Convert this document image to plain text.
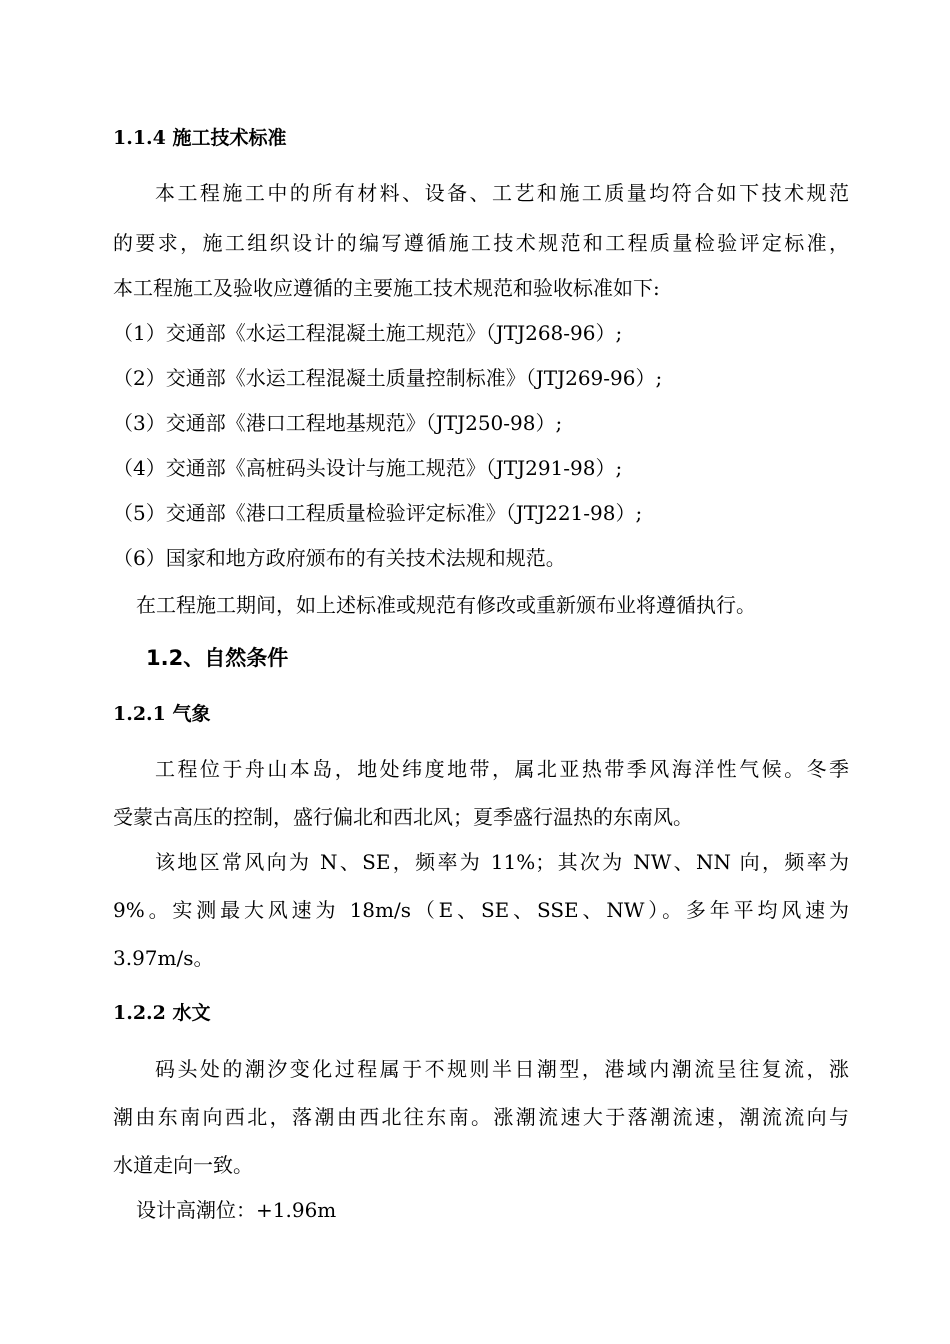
1.1.4 施工技术标准
本工程施工中的所有材料、设备、工艺和施工质量均符合如下技术规范
的要求，施工组织设计的编写遵循施工技术规范和工程质量检验评定标准，
本工程施工及验收应遵循的主要施工技术规范和验收标准如下:
（1）交通部《水运工程混凝土施工规范》（JTJ268-96）;
（2）交通部《水运工程混凝土质量控制标准》（JTJ269-96）;
（3）交通部《港口工程地基规范》（JTJ250-98）;
（4）交通部《高桩码头设计与施工规范》（JTJ291-98）;
（5）交通部《港口工程质量检验评定标准》（JTJ221-98）;
（6）国家和地方政府颁布的有关技术法规和规范。
在工程施工期间，如上述标准或规范有修改或重新颁布业将遵循执行。
1.2、自然条件
1.2.1 气象
工程位于舟山本岛，地处纬度地带，属北亚热带季风海洋性气候。冬季
受蒙古高压的控制，盛行偏北和西北风；夏季盛行温热的东南风。
该地区常风向为 N、SE，频率为 11%；其次为 NW、NN 向，频率为
9%。实测最大风速为 18m/s（E、SE、SSE、NW）。多年平均风速为
3.97m/s。
1.2.2 水文
码头处的潮汐变化过程属于不规则半日潮型，港域内潮流呈往复流，涨
潮由东南向西北，落潮由西北往东南。涨潮流速大于落潮流速，潮流流向与
水道走向一致。
设计高潮位：+1.96m
